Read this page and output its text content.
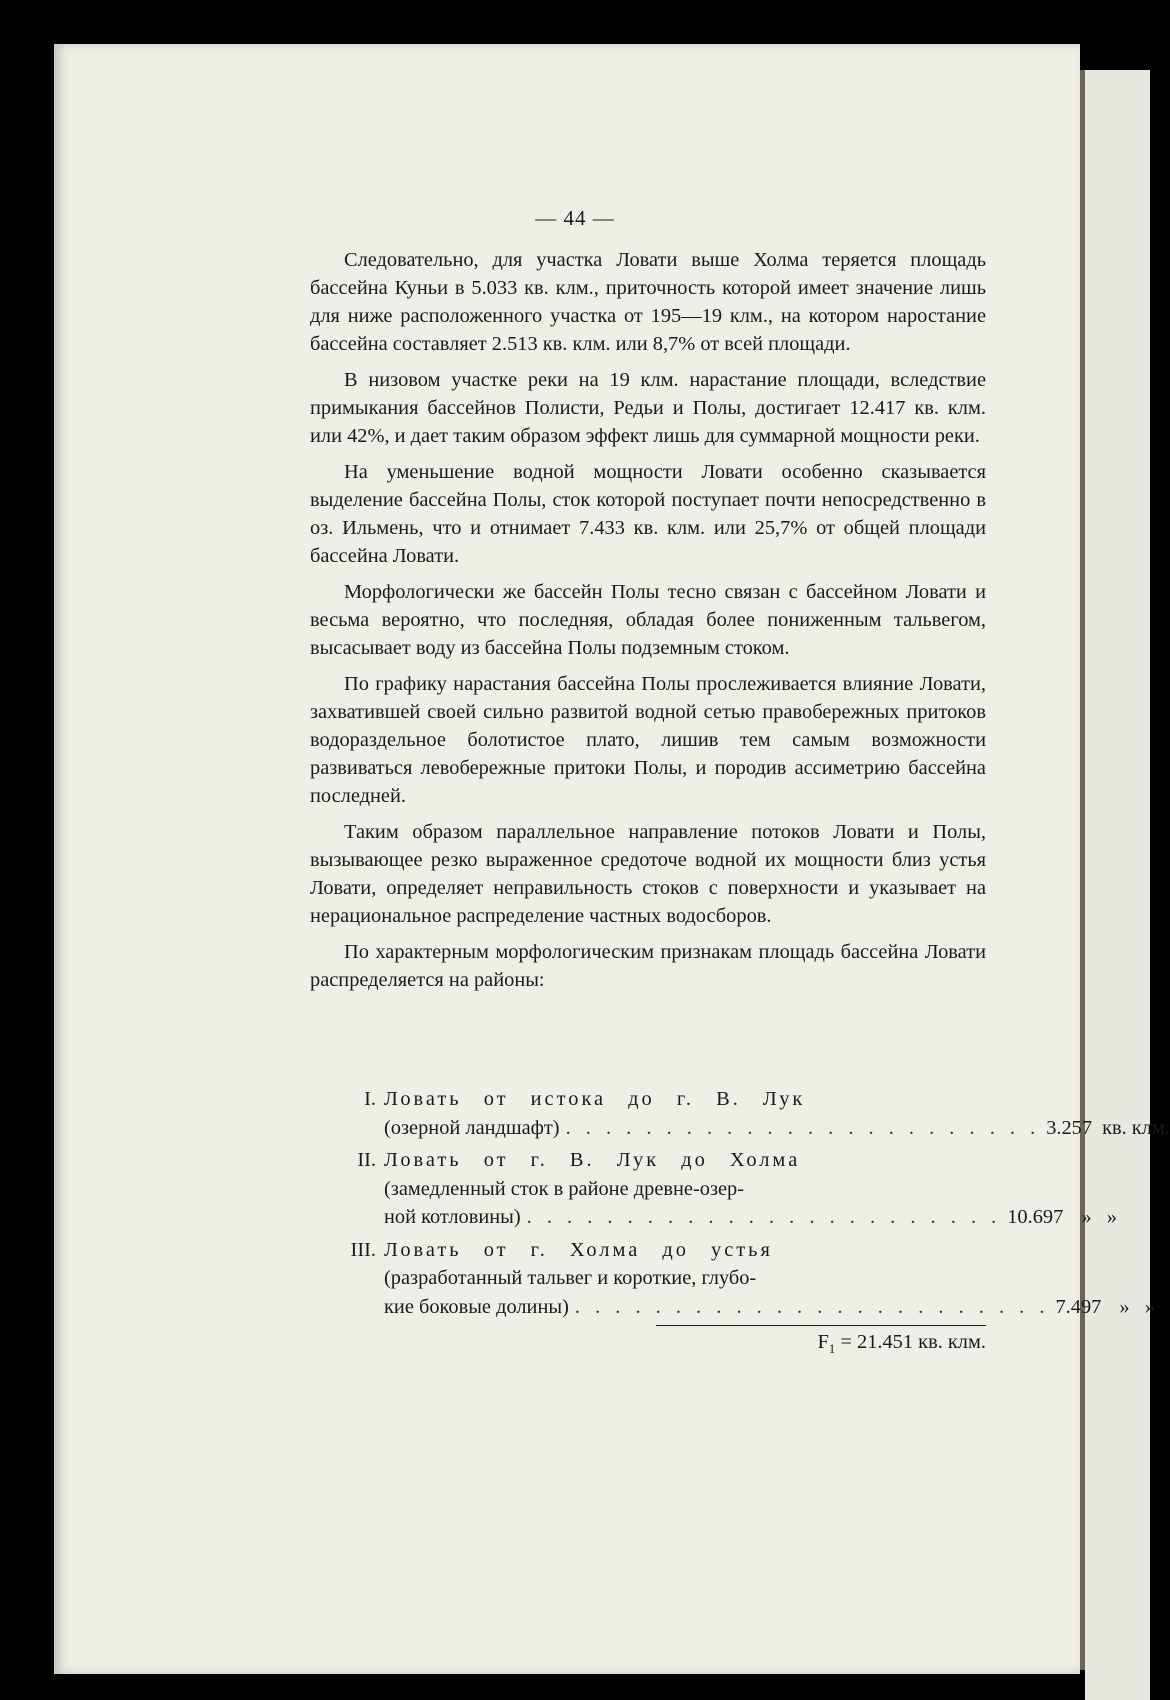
— 44 —

Следовательно, для участка Ловати выше Холма теряется площадь бассейна Куньи в 5.033 кв. клм., приточность которой имеет значение лишь для ниже расположенного участка от 195—19 клм., на котором наростание бассейна составляет 2.513 кв. клм. или 8,7% от всей площади.

В низовом участке реки на 19 клм. нарастание площади, вследствие примыкания бассейнов Полисти, Редьи и Полы, достигает 12.417 кв. клм. или 42%, и дает таким образом эффект лишь для суммарной мощности реки.

На уменьшение водной мощности Ловати особенно сказывается выделение бассейна Полы, сток которой поступает почти непосредственно в оз. Ильмень, что и отнимает 7.433 кв. клм. или 25,7% от общей площади бассейна Ловати.

Морфологически же бассейн Полы тесно связан с бассейном Ловати и весьма вероятно, что последняя, обладая более пониженным тальвегом, высасывает воду из бассейна Полы подземным стоком.

По графику нарастания бассейна Полы прослеживается влияние Ловати, захватившей своей сильно развитой водной сетью правобережных притоков водораздельное болотистое плато, лишив тем самым возможности развиваться левобережные притоки Полы, и породив ассиметрию бассейна последней.

Таким образом параллельное направление потоков Ловати и Полы, вызывающее резко выраженное средоточе водной их мощности близ устья Ловати, определяет неправильность стоков с поверхности и указывает на нерациональное распределение частных водосборов.

По характерным морфологическим признакам площадь бассейна Ловати распределяется на районы:

I. Ловать от истока до г. В. Лук
(озерной ландшафт) . . . . . . . . . . . . . . . . . . . . . . . . 3.257 кв. клм.
II. Ловать от г. В. Лук до Холма
(замедленный сток в районе древне-озер-
ной котловины) . . . . . . . . . . . . . . . . . . . . . . . . 10.697 »   »
III. Ловать от г. Холма до устья
(разработанный тальвег и короткие, глубо-
кие боковые долины) . . . . . . . . . . . . . . . . . . . . . . . . 7.497 »   »
$F_1 = 21.451$ кв. клм.
